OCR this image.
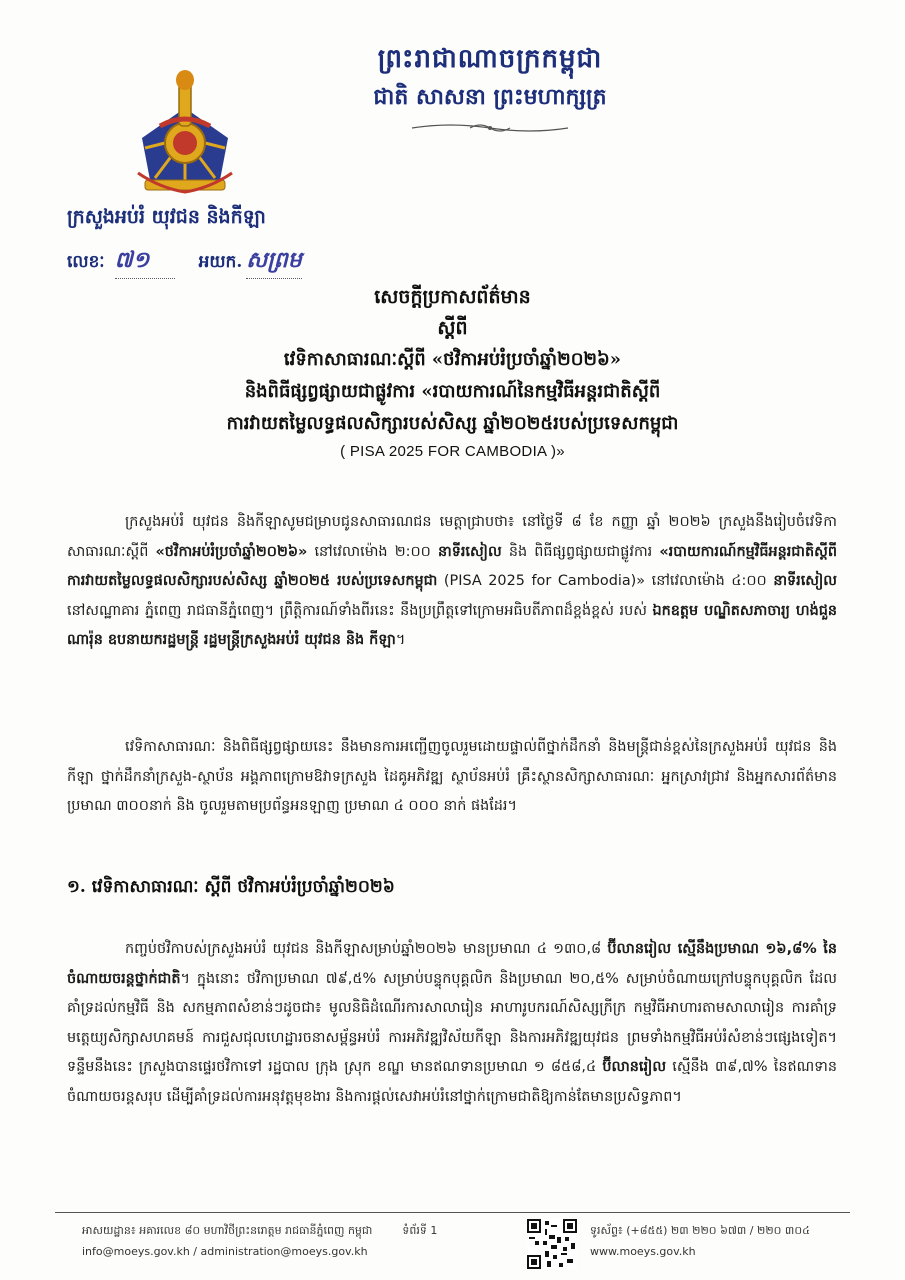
ព្រះរាជាណាចក្រកម្ពុជា
ជាតិ សាសនា ព្រះមហាក្សត្រ
ក្រសួងអប់រំ យុវជន និងកីឡា
លេខៈ ៧១	អយក. សព្រម
សេចក្ដីប្រកាសព័ត៌មាន
ស្ដីពី
វេទិកាសាធារណៈស្ដីពី «ថវិកាអប់រំប្រចាំឆ្នាំ២០២៦»
និងពិធីផ្សព្វផ្សាយជាផ្លូវការ «របាយការណ៍នៃកម្មវិធីអន្តរជាតិស្ដីពី
ការវាយតម្លៃលទ្ធផលសិក្សារបស់សិស្ស ឆ្នាំ២០២៥របស់ប្រទេសកម្ពុជា
( PISA 2025 FOR CAMBODIA )»
ក្រសួងអប់រំ យុវជន និងកីឡាសូមជម្រាបជូនសាធារណជន មេត្តាជ្រាបថា៖ នៅថ្ងៃទី ៨ ខែ កញ្ញា ឆ្នាំ ២០២៦ ក្រសួងនឹងរៀបចំវេទិកាសាធារណៈស្ដីពី «ថវិកាអប់រំប្រចាំឆ្នាំ២០២៦» នៅវេលាម៉ោង ២:០០ នាទីរសៀល និង ពិធីផ្សព្វផ្សាយជាផ្លូវការ «របាយការណ៍កម្មវិធីអន្តរជាតិស្ដីពីការវាយតម្លៃលទ្ធផលសិក្សារបស់សិស្ស ឆ្នាំ២០២៥ របស់ប្រទេសកម្ពុជា (PISA 2025 for Cambodia)» នៅវេលាម៉ោង ៤:០០ នាទីរសៀល នៅសណ្ឋាគារ ភ្នំពេញ រាជធានីភ្នំពេញ។ ព្រឹត្តិការណ៍ទាំងពីរនេះ នឹងប្រព្រឹត្តទៅក្រោមអធិបតីភាពដ៏ខ្ពង់ខ្ពស់ របស់ ឯកឧត្តម បណ្ឌិតសភាចារ្យ ហង់ជួន ណារ៉ុន ឧបនាយករដ្ឋមន្ត្រី រដ្ឋមន្ត្រីក្រសួងអប់រំ យុវជន និង កីឡា។
វេទិកាសាធារណៈ និងពិធីផ្សព្វផ្សាយនេះ នឹងមានការអញ្ជើញចូលរួមដោយផ្ទាល់ពីថ្នាក់ដឹកនាំ និងមន្ត្រីជាន់ខ្ពស់នៃក្រសួងអប់រំ យុវជន និង កីឡា ថ្នាក់ដឹកនាំក្រសួង-ស្ថាប័ន អង្គភាពក្រោមឱវាទក្រសួង ដៃគូអភិវឌ្ឍ ស្ថាប័នអប់រំ គ្រឹះស្ថានសិក្សាសាធារណៈ អ្នកស្រាវជ្រាវ និងអ្នកសារព័ត៌មានប្រមាណ ៣០០នាក់ និង ចូលរួមតាមប្រព័ន្ធអនឡាញ ប្រមាណ ៤ ០០០ នាក់ ផងដែរ។
១. វេទិកាសាធារណៈ ស្ដីពី ថវិកាអប់រំប្រចាំឆ្នាំ២០២៦
កញ្ចប់ថវិកាបស់ក្រសួងអប់រំ យុវជន និងកីឡាសម្រាប់ឆ្នាំ២០២៦ មានប្រមាណ ៤ ១៣០,៨ ប៊ីលានរៀល ស្មើនឹងប្រមាណ ១៦,៨% នៃចំណាយចរន្តថ្នាក់ជាតិ។ ក្នុងនោះ ថវិកាប្រមាណ ៧៩,៥% សម្រាប់បន្ទុកបុគ្គលិក និងប្រមាណ ២០,៥% សម្រាប់ចំណាយក្រៅបន្ទុកបុគ្គលិក ដែលគាំទ្រដល់កម្មវិធី និង សកម្មភាពសំខាន់ៗដូចជា៖ មូលនិធិដំណើរការសាលារៀន អាហារូបករណ៍សិស្សក្រីក្រ កម្មវិធីអាហារតាមសាលារៀន ការគាំទ្រមត្តេយ្យសិក្សាសហគមន៍ ការជួសជុលហេដ្ឋារចនាសម្ព័ន្ធអប់រំ ការអភិវឌ្ឍវិស័យកីឡា និងការអភិវឌ្ឍយុវជន ព្រមទាំងកម្មវិធីអប់រំសំខាន់ៗផ្សេងទៀត។ ទន្ទឹមនឹងនេះ ក្រសួងបានផ្ទេរថវិកាទៅ រដ្ឋបាល ក្រុង ស្រុក ខណ្ឌ មានឥណទានប្រមាណ ១ ៨៥៨,៤ ប៊ីលានរៀល ស្មើនឹង ៣៩,៧% នៃឥណទានចំណាយចរន្តសរុប ដើម្បីគាំទ្រដល់ការអនុវត្តមុខងារ និងការផ្ដល់សេវាអប់រំនៅថ្នាក់ក្រោមជាតិឱ្យកាន់តែមានប្រសិទ្ធភាព។
អាសយដ្ឋាន៖ អគារលេខ ៨០ មហាវិថីព្រះនរោត្តម រាជធានីភ្នំពេញ កម្ពុជា	ទំព័រទី 1
info@moeys.gov.kh / administration@moeys.gov.kh
ទូរស័ព្ទ៖ (+៨៥៥) ២៣ ២២០ ៦៧៣ / ២២០ ៣០៤
www.moeys.gov.kh
